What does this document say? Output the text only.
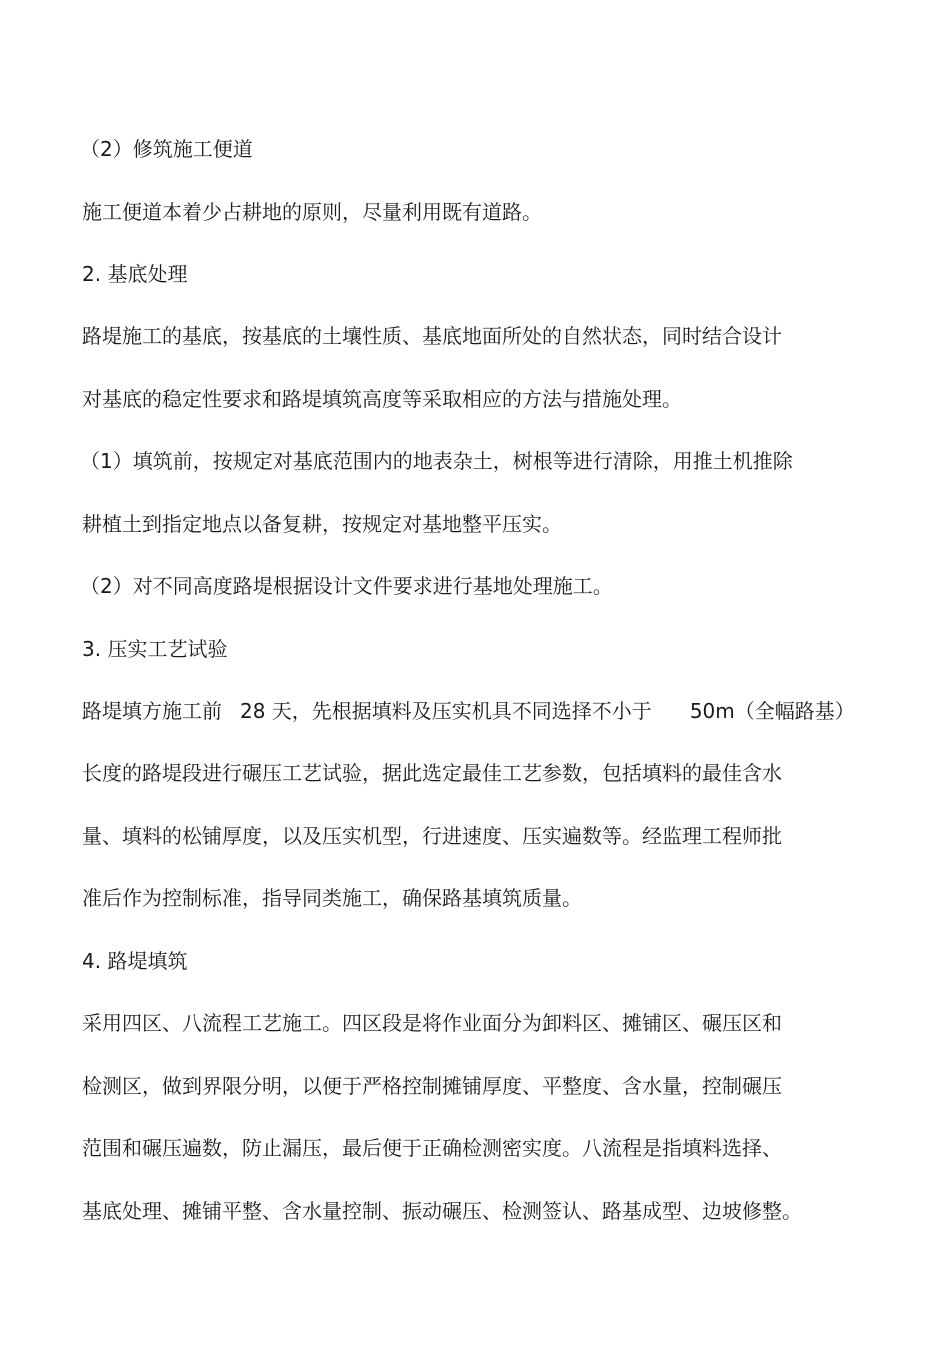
（2）修筑施工便道
施工便道本着少占耕地的原则，尽量利用既有道路。
2. 基底处理
路堤施工的基底，按基底的土壤性质、基底地面所处的自然状态，同时结合设计
对基底的稳定性要求和路堤填筑高度等采取相应的方法与措施处理。
（1）填筑前，按规定对基底范围内的地表杂土，树根等进行清除，用推土机推除
耕植土到指定地点以备复耕，按规定对基地整平压实。
（2）对不同高度路堤根据设计文件要求进行基地处理施工。
3. 压实工艺试验
路堤填方施工前 28 天，先根据填料及压实机具不同选择不小于 50m（全幅路基）
长度的路堤段进行碾压工艺试验，据此选定最佳工艺参数，包括填料的最佳含水
量、填料的松铺厚度，以及压实机型，行进速度、压实遍数等。经监理工程师批
准后作为控制标准，指导同类施工，确保路基填筑质量。
4. 路堤填筑
采用四区、八流程工艺施工。四区段是将作业面分为卸料区、摊铺区、碾压区和
检测区，做到界限分明，以便于严格控制摊铺厚度、平整度、含水量，控制碾压
范围和碾压遍数，防止漏压，最后便于正确检测密实度。八流程是指填料选择、
基底处理、摊铺平整、含水量控制、振动碾压、检测签认、路基成型、边坡修整。
